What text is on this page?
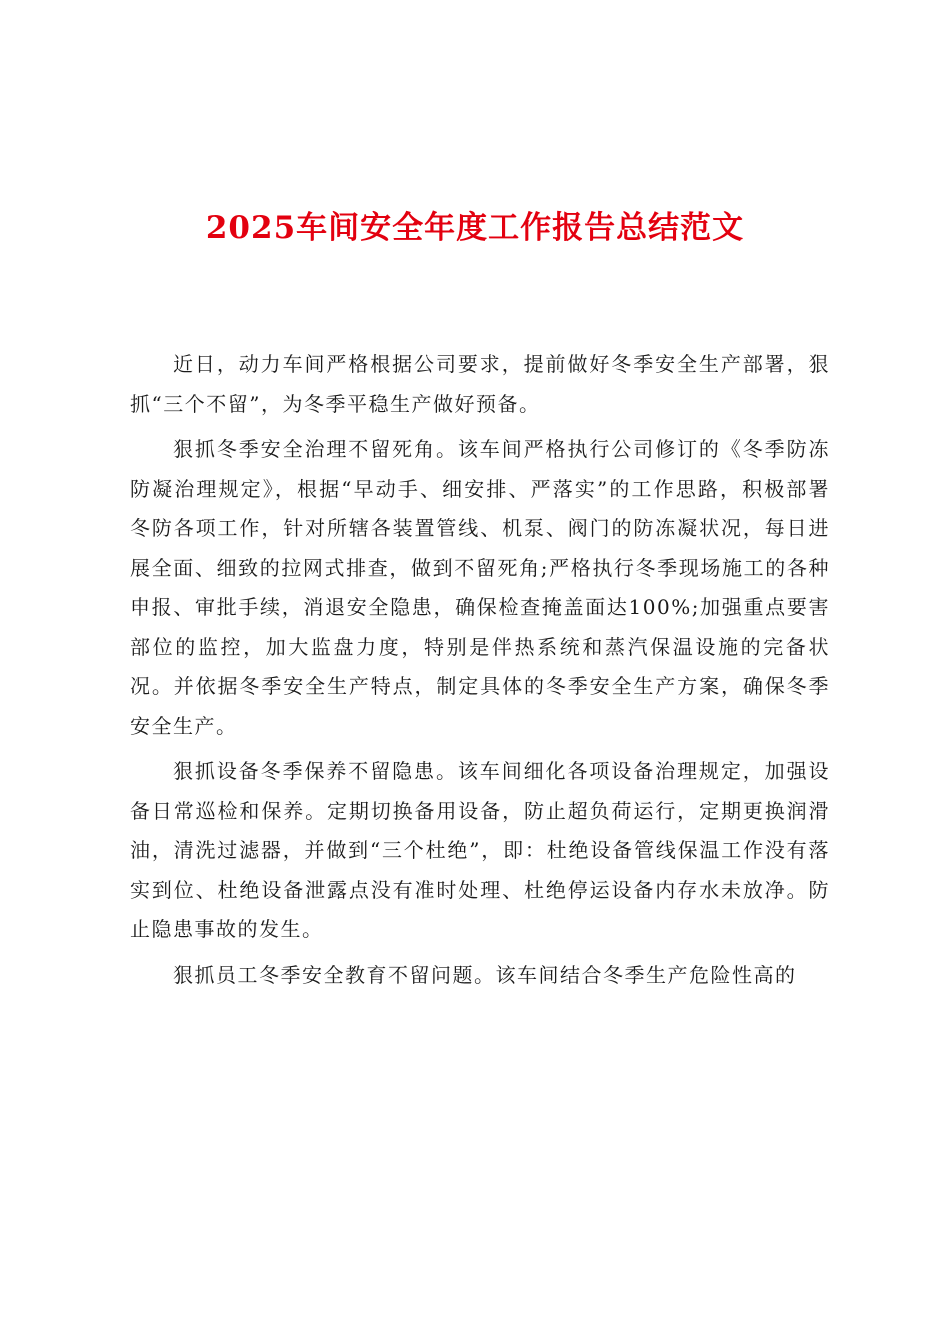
2025车间安全年度工作报告总结范文

近日，动力车间严格根据公司要求，提前做好冬季安全生产部署，狠抓“三个不留”，为冬季平稳生产做好预备。

狠抓冬季安全治理不留死角。该车间严格执行公司修订的《冬季防冻防凝治理规定》，根据“早动手、细安排、严落实”的工作思路，积极部署冬防各项工作，针对所辖各装置管线、机泵、阀门的防冻凝状况，每日进展全面、细致的拉网式排查，做到不留死角;严格执行冬季现场施工的各种申报、审批手续，消退安全隐患，确保检查掩盖面达100%;加强重点要害部位的监控，加大监盘力度，特别是伴热系统和蒸汽保温设施的完备状况。并依据冬季安全生产特点，制定具体的冬季安全生产方案，确保冬季安全生产。

狠抓设备冬季保养不留隐患。该车间细化各项设备治理规定，加强设备日常巡检和保养。定期切换备用设备，防止超负荷运行，定期更换润滑油，清洗过滤器，并做到“三个杜绝”，即：杜绝设备管线保温工作没有落实到位、杜绝设备泄露点没有准时处理、杜绝停运设备内存水未放净。防止隐患事故的发生。

狠抓员工冬季安全教育不留问题。该车间结合冬季生产危险性高的
